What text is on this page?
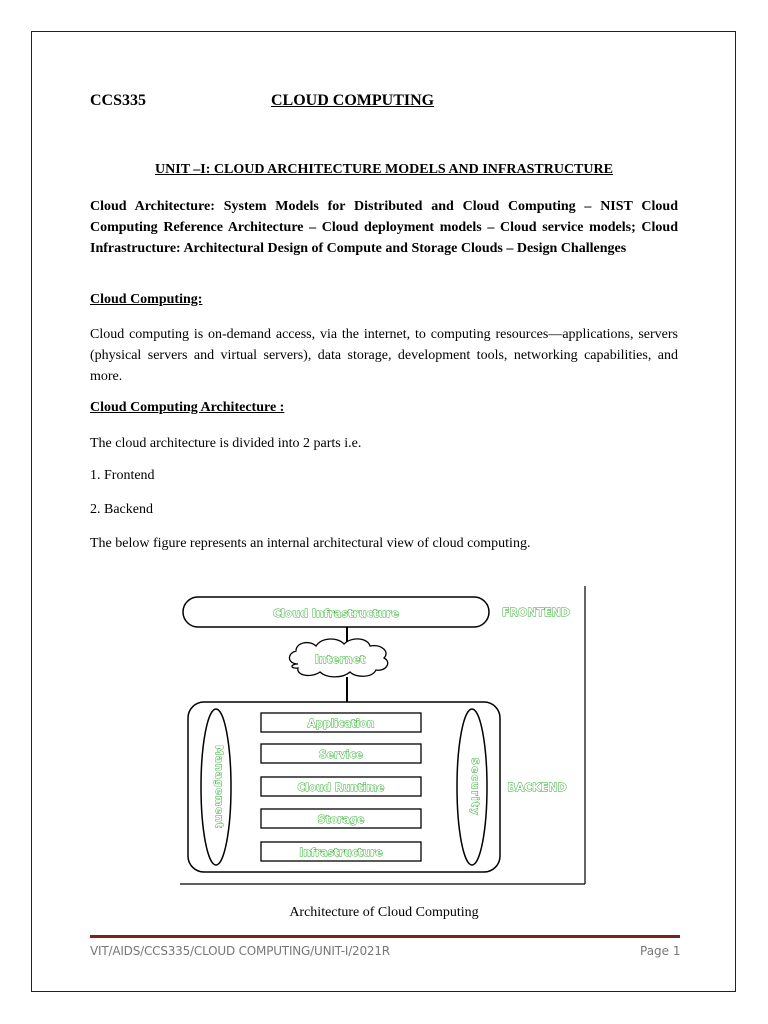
CCS335	CLOUD COMPUTING
UNIT –I: CLOUD ARCHITECTURE MODELS AND INFRASTRUCTURE
Cloud Architecture: System Models for Distributed and Cloud Computing – NIST Cloud Computing Reference Architecture – Cloud deployment models – Cloud service models; Cloud Infrastructure: Architectural Design of Compute and Storage Clouds – Design Challenges
Cloud Computing:
Cloud computing is on-demand access, via the internet, to computing resources—applications, servers (physical servers and virtual servers), data storage, development tools, networking capabilities, and more.
Cloud Computing Architecture :
The cloud architecture is divided into 2 parts i.e.
1. Frontend
2. Backend
The below figure represents an internal architectural view of cloud computing.
Cloud Infrastructure	FRONTEND
Internet
Management	Security
Application
Service
Cloud Runtime
Storage
Infrastructure
BACKEND
Architecture of Cloud Computing
VIT/AIDS/CCS335/CLOUD COMPUTING/UNIT-I/2021R	Page 1
